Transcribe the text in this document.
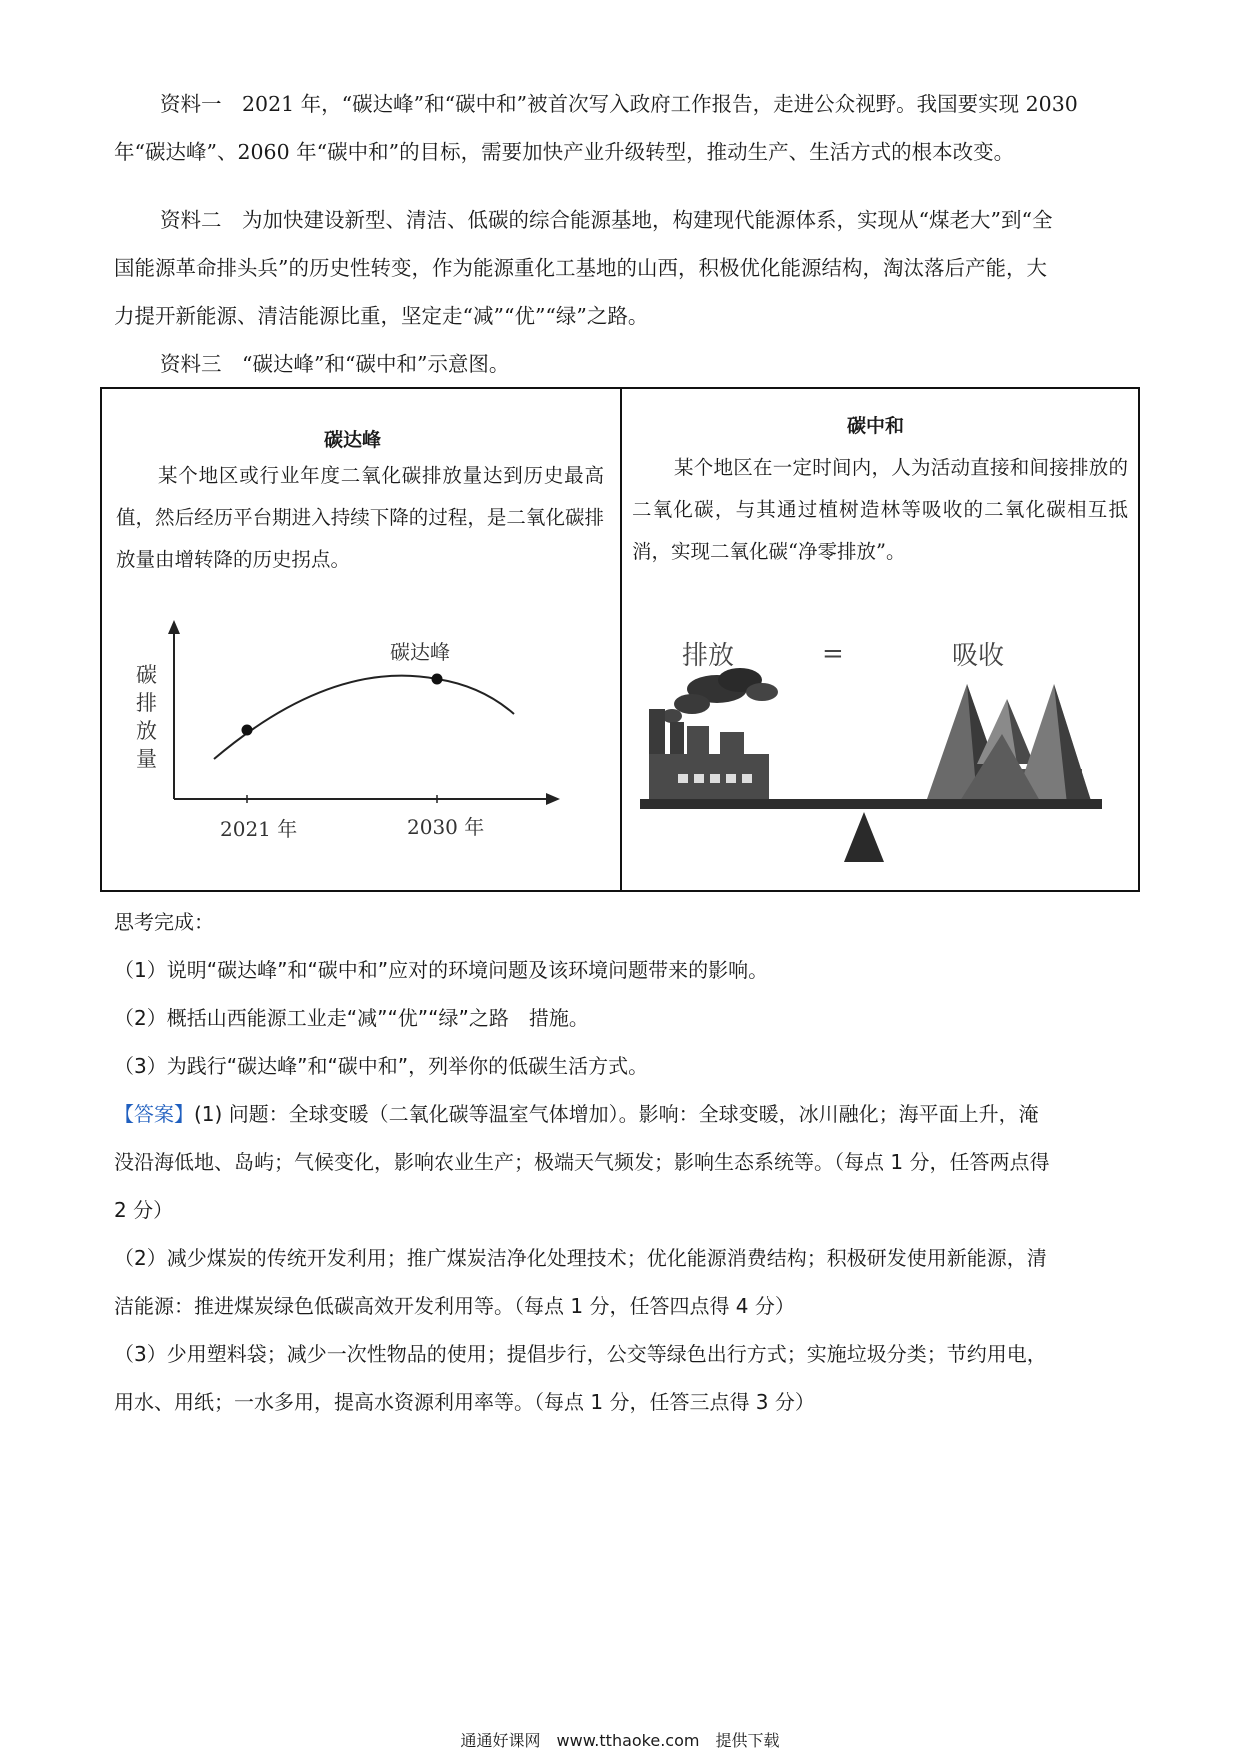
资料一　2021 年，“碳达峰”和“碳中和”被首次写入政府工作报告，走进公众视野。我国要实现 2030

年“碳达峰”、2060 年“碳中和”的目标，需要加快产业升级转型，推动生产、生活方式的根本改变。

资料二　为加快建设新型、清洁、低碳的综合能源基地，构建现代能源体系，实现从“煤老大”到“全

国能源革命排头兵”的历史性转变，作为能源重化工基地的山西，积极优化能源结构，淘汰落后产能，大

力提开新能源、清洁能源比重，坚定走“减”“优”“绿”之路。

资料三　“碳达峰”和“碳中和”示意图。

碳达峰

某个地区或行业年度二氧化碳排放量达到历史最高值，然后经历平台期进入持续下降的过程，是二氧化碳排放量由增转降的历史拐点。

碳
排
放
量
碳达峰
2021 年	2030 年
碳中和

某个地区在一定时间内，人为活动直接和间接排放的二氧化碳，与其通过植树造林等吸收的二氧化碳相互抵消，实现二氧化碳“净零排放”。

排放	=	吸收

思考完成：

（1）说明“碳达峰”和“碳中和”应对的环境问题及该环境问题带来的影响。

（2）概括山西能源工业走“减”“优”“绿”之路　措施。

（3）为践行“碳达峰”和“碳中和”，列举你的低碳生活方式。

【答案】(1) 问题：全球变暖（二氧化碳等温室气体增加）。影响：全球变暖，冰川融化；海平面上升，淹

没沿海低地、岛屿；气候变化，影响农业生产；极端天气频发；影响生态系统等。（每点 1 分，任答两点得

2 分）

（2）减少煤炭的传统开发利用；推广煤炭洁净化处理技术；优化能源消费结构；积极研发使用新能源，清

洁能源：推进煤炭绿色低碳高效开发利用等。（每点 1 分，任答四点得 4 分）

（3）少用塑料袋；减少一次性物品的使用；提倡步行，公交等绿色出行方式；实施垃圾分类；节约用电，

用水、用纸；一水多用，提高水资源利用率等。（每点 1 分，任答三点得 3 分）

通通好课网　www.tthaoke.com　提供下载
